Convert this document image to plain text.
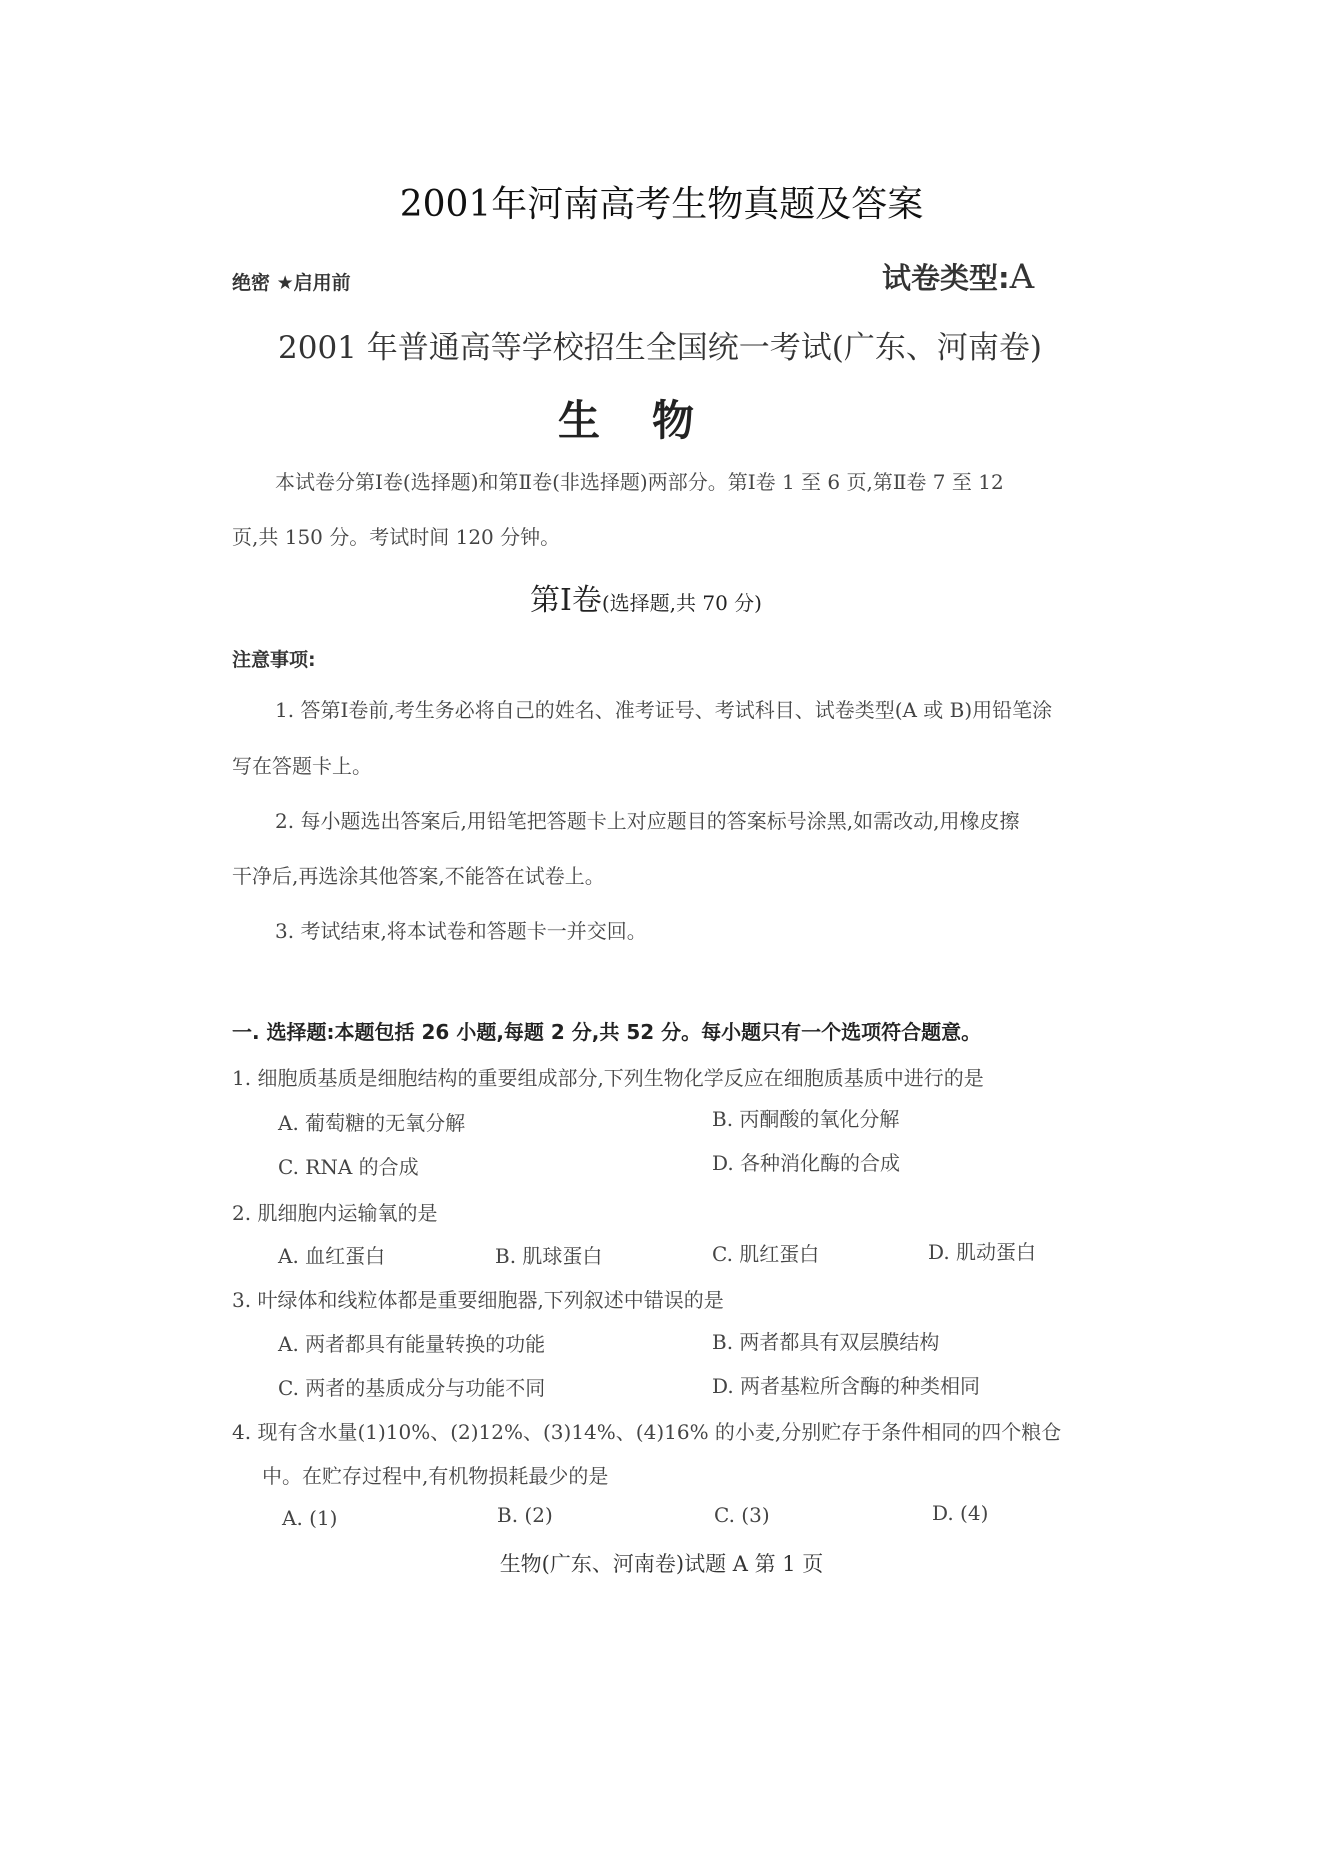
2001年河南高考生物真题及答案
绝密 ★启用前	试卷类型:A
2001 年普通高等学校招生全国统一考试(广东、河南卷)
生物
本试卷分第Ⅰ卷(选择题)和第Ⅱ卷(非选择题)两部分。第Ⅰ卷 1 至 6 页,第Ⅱ卷 7 至 12
页,共 150 分。考试时间 120 分钟。
第Ⅰ卷(选择题,共 70 分)
注意事项:
1. 答第Ⅰ卷前,考生务必将自己的姓名、准考证号、考试科目、试卷类型(A 或 B)用铅笔涂
写在答题卡上。
2. 每小题选出答案后,用铅笔把答题卡上对应题目的答案标号涂黑,如需改动,用橡皮擦
干净后,再选涂其他答案,不能答在试卷上。
3. 考试结束,将本试卷和答题卡一并交回。
一. 选择题:本题包括 26 小题,每题 2 分,共 52 分。每小题只有一个选项符合题意。
1. 细胞质基质是细胞结构的重要组成部分,下列生物化学反应在细胞质基质中进行的是
A. 葡萄糖的无氧分解	B. 丙酮酸的氧化分解
C. RNA 的合成	D. 各种消化酶的合成
2. 肌细胞内运输氧的是
A. 血红蛋白	B. 肌球蛋白	C. 肌红蛋白	D. 肌动蛋白
3. 叶绿体和线粒体都是重要细胞器,下列叙述中错误的是
A. 两者都具有能量转换的功能	B. 两者都具有双层膜结构
C. 两者的基质成分与功能不同	D. 两者基粒所含酶的种类相同
4. 现有含水量(1)10%、(2)12%、(3)14%、(4)16% 的小麦,分别贮存于条件相同的四个粮仓
中。在贮存过程中,有机物损耗最少的是
A. (1)	B. (2)	C. (3)	D. (4)
生物(广东、河南卷)试题 A 第 1 页
